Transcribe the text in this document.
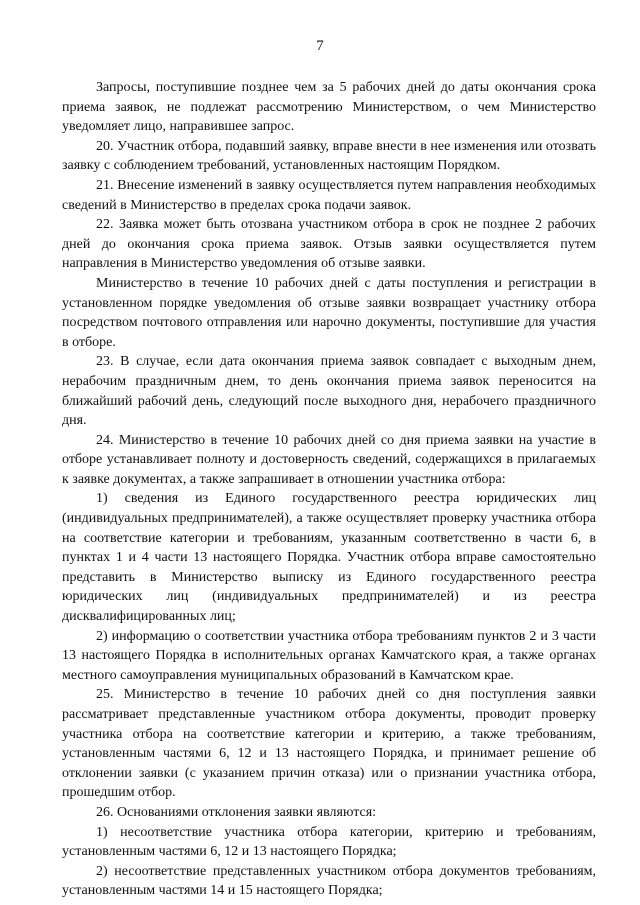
7

Запросы, поступившие позднее чем за 5 рабочих дней до даты окончания срока приема заявок, не подлежат рассмотрению Министерством, о чем Министерство уведомляет лицо, направившее запрос.

20. Участник отбора, подавший заявку, вправе внести в нее изменения или отозвать заявку с соблюдением требований, установленных настоящим Порядком.

21. Внесение изменений в заявку осуществляется путем направления необходимых сведений в Министерство в пределах срока подачи заявок.

22. Заявка может быть отозвана участником отбора в срок не позднее 2 рабочих дней до окончания срока приема заявок. Отзыв заявки осуществляется путем направления в Министерство уведомления об отзыве заявки.

Министерство в течение 10 рабочих дней с даты поступления и регистрации в установленном порядке уведомления об отзыве заявки возвращает участнику отбора посредством почтового отправления или нарочно документы, поступившие для участия в отборе.

23. В случае, если дата окончания приема заявок совпадает с выходным днем, нерабочим праздничным днем, то день окончания приема заявок переносится на ближайший рабочий день, следующий после выходного дня, нерабочего праздничного дня.

24. Министерство в течение 10 рабочих дней со дня приема заявки на участие в отборе устанавливает полноту и достоверность сведений, содержащихся в прилагаемых к заявке документах, а также запрашивает в отношении участника отбора:

1) сведения из Единого государственного реестра юридических лиц (индивидуальных предпринимателей), а также осуществляет проверку участника отбора на соответствие категории и требованиям, указанным соответственно в части 6, в пунктах 1 и 4 части 13 настоящего Порядка. Участник отбора вправе самостоятельно представить в Министерство выписку из Единого государственного реестра юридических лиц (индивидуальных предпринимателей) и из реестра дисквалифицированных лиц;

2) информацию о соответствии участника отбора требованиям пунктов 2 и 3 части 13 настоящего Порядка в исполнительных органах Камчатского края, а также органах местного самоуправления муниципальных образований в Камчатском крае.

25. Министерство в течение 10 рабочих дней со дня поступления заявки рассматривает представленные участником отбора документы, проводит проверку участника отбора на соответствие категории и критерию, а также требованиям, установленным частями 6, 12 и 13 настоящего Порядка, и принимает решение об отклонении заявки (с указанием причин отказа) или о признании участника отбора, прошедшим отбор.

26. Основаниями отклонения заявки являются:

1) несоответствие участника отбора категории, критерию и требованиям, установленным частями 6, 12 и 13 настоящего Порядка;

2) несоответствие представленных участником отбора документов требованиям, установленным частями 14 и 15 настоящего Порядка;
